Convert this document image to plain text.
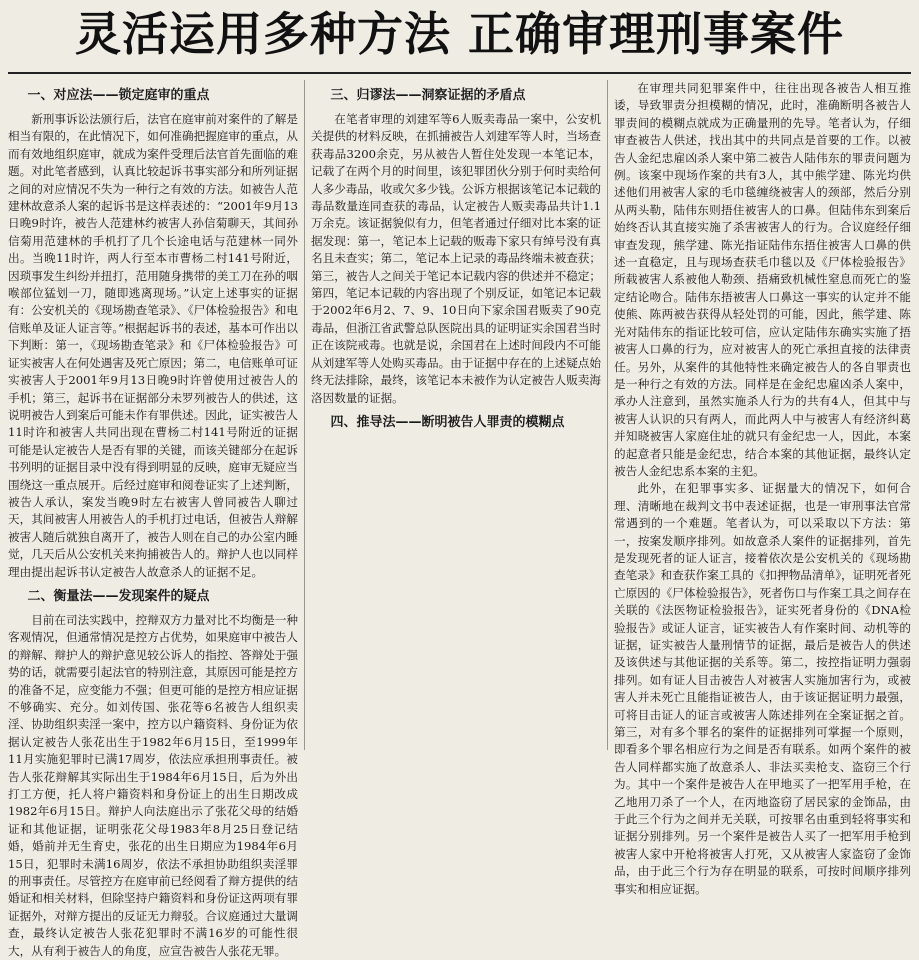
灵活运用多种方法 正确审理刑事案件
一、对应法——锁定庭审的重点

新刑事诉讼法颁行后，法官在庭审前对案件的了解是相当有限的，在此情况下，如何准确把握庭审的重点，从而有效地组织庭审，就成为案件受理后法官首先面临的难题。对此笔者感到，认真比较起诉书事实部分和所列证据之间的对应情况不失为一种行之有效的方法。如被告人范建林故意杀人案的起诉书是这样表述的：“2001年9月13日晚9时许，被告人范建林约被害人孙信菊聊天，其间孙信菊用范建林的手机打了几个长途电话与范建林一同外出。当晚11时许，两人行至本市曹杨二村141号附近，因琐事发生纠纷并扭打，范用随身携带的美工刀在孙的咽喉部位猛划一刀，随即逃离现场。”认定上述事实的证据有：公安机关的《现场勘查笔录》、《尸体检验报告》和电信账单及证人证言等。”根据起诉书的表述，基本可作出以下判断：第一，《现场勘查笔录》和《尸体检验报告》可证实被害人在何处遇害及死亡原因；第二，电信账单可证实被害人于2001年9月13日晚9时许曾使用过被告人的手机；第三，起诉书在证据部分未罗列被告人的供述，这说明被告人到案后可能未作有罪供述。因此，证实被告人11时许和被害人共同出现在曹杨二村141号附近的证据可能是认定被告人是否有罪的关键，而该关键部分在起诉书列明的证据目录中没有得到明显的反映，庭审无疑应当围绕这一重点展开。后经过庭审和阅卷证实了上述判断，被告人承认，案发当晚9时左右被害人曾同被告人聊过天，其间被害人用被告人的手机打过电话，但被告人辩解被害人随后就独自离开了，被告人则在自己的办公室内睡觉，几天后从公安机关来拘捕被告人的。辩护人也以同样理由提出起诉书认定被告人故意杀人的证据不足。

二、衡量法——发现案件的疑点

目前在司法实践中，控辩双方力量对比不均衡是一种客观情况，但通常情况是控方占优势，如果庭审中被告人的辩解、辩护人的辩护意见较公诉人的指控、答辩处于强势的话，就需要引起法官的特别注意，其原因可能是控方的准备不足，应变能力不强；但更可能的是控方相应证据不够确实、充分。如刘传国、张花等6名被告人组织卖淫、协助组织卖淫一案中，控方以户籍资料、身份证为依据认定被告人张花出生于1982年6月15日，至1999年11月实施犯罪时已满17周岁，依法应承担刑事责任。被告人张花辩解其实际出生于1984年6月15日，后为外出打工方便，托人将户籍资料和身份证上的出生日期改成1982年6月15日。辩护人向法庭出示了张花父母的结婚证和其他证据，证明张花父母1983年8月25日登记结婚，婚前并无生育史，张花的出生日期应为1984年6月15日，犯罪时未满16周岁，依法不承担协助组织卖淫罪的刑事责任。尽管控方在庭审前已经阅看了辩方提供的结婚证和相关材料，但除坚持户籍资料和身份证这两项有罪证据外，对辩方提出的反证无力辩驳。合议庭通过大量调查，最终认定被告人张花犯罪时不满16岁的可能性很大，从有利于被告人的角度，应宣告被告人张花无罪。

三、归谬法——洞察证据的矛盾点

在笔者审理的刘建军等6人贩卖毒品一案中，公安机关提供的材料反映，在抓捕被告人刘建军等人时，当场查获毒品3200余克，另从被告人暂住处发现一本笔记本，记载了在两个月的时间里，该犯罪团伙分别于何时卖给何人多少毒品，收或欠多少钱。公诉方根据该笔记本记载的毒品数量连同查获的毒品，认定被告人贩卖毒品共计1.1万余克。该证据貌似有力，但笔者通过仔细对比本案的证据发现：第一，笔记本上记载的贩毒下家只有绰号没有真名且未查实；第二，笔记本上记录的毒品终端未被查获；第三，被告人之间关于笔记本记载内容的供述并不稳定；第四，笔记本记载的内容出现了个别反证，如笔记本记载于2002年6月2、7、9、10日向下家余国君贩卖了90克毒品，但浙江省武警总队医院出具的证明证实余国君当时正在该院戒毒。也就是说，余国君在上述时间段内不可能从刘建军等人处购买毒品。由于证据中存在的上述疑点始终无法排除，最终，该笔记本未被作为认定被告人贩卖海洛因数量的证据。

四、推导法——断明被告人罪责的模糊点

在审理共同犯罪案件中，往往出现各被告人相互推诿，导致罪责分担模糊的情况，此时，准确断明各被告人罪责间的模糊点就成为正确量刑的先导。笔者认为，仔细审查被告人供述，找出其中的共同点是首要的工作。以被告人金纪忠雇凶杀人案中第二被告人陆伟东的罪责问题为例。该案中现场作案的共有3人，其中熊学建、陈光均供述他们用被害人家的毛巾毯缠绕被害人的颈部，然后分别从两头勒，陆伟东则捂住被害人的口鼻。但陆伟东到案后始终否认其直接实施了杀害被害人的行为。合议庭经仔细审查发现，熊学建、陈光指证陆伟东捂住被害人口鼻的供述一直稳定，且与现场查获毛巾毯以及《尸体检验报告》所载被害人系被他人勒颈、捂痛致机械性窒息而死亡的鉴定结论吻合。陆伟东捂被害人口鼻这一事实的认定并不能使熊、陈两被告获得从轻处罚的可能，因此，熊学建、陈光对陆伟东的指证比较可信，应认定陆伟东确实实施了捂被害人口鼻的行为，应对被害人的死亡承担直接的法律责任。另外，从案件的其他特性来确定被告人的各自罪责也是一种行之有效的方法。同样是在金纪忠雇凶杀人案中，承办人注意到，虽然实施杀人行为的共有4人，但其中与被害人认识的只有两人，而此两人中与被害人有经济纠葛并知晓被害人家庭住址的就只有金纪忠一人，因此，本案的起意者只能是金纪忠，结合本案的其他证据，最终认定被告人金纪忠系本案的主犯。

此外，在犯罪事实多、证据量大的情况下，如何合理、清晰地在裁判文书中表述证据，也是一审刑事法官常常遇到的一个难题。笔者认为，可以采取以下方法：第一，按案发顺序排列。如故意杀人案件的证据排列，首先是发现死者的证人证言，接着依次是公安机关的《现场勘查笔录》和查获作案工具的《扣押物品清单》，证明死者死亡原因的《尸体检验报告》，死者伤口与作案工具之间存在关联的《法医物证检验报告》，证实死者身份的《DNA检验报告》或证人证言，证实被告人有作案时间、动机等的证据，证实被告人量刑情节的证据，最后是被告人的供述及该供述与其他证据的关系等。第二，按控指证明力强弱排列。如有证人目击被告人对被害人实施加害行为，或被害人并未死亡且能指证被告人，由于该证据证明力最强，可将目击证人的证言或被害人陈述排列在全案证据之首。第三，对有多个罪名的案件的证据排列可掌握一个原则，即看多个罪名相应行为之间是否有联系。如两个案件的被告人同样都实施了故意杀人、非法买卖枪支、盗窃三个行为。其中一个案件是被告人在甲地买了一把军用手枪，在乙地用刀杀了一个人，在丙地盗窃了居民家的金饰品，由于此三个行为之间并无关联，可按罪名由重到轻将事实和证据分别排列。另一个案件是被告人买了一把军用手枪到被害人家中开枪将被害人打死，又从被害人家盗窃了金饰品，由于此三个行为存在明显的联系，可按时间顺序排列事实和相应证据。
